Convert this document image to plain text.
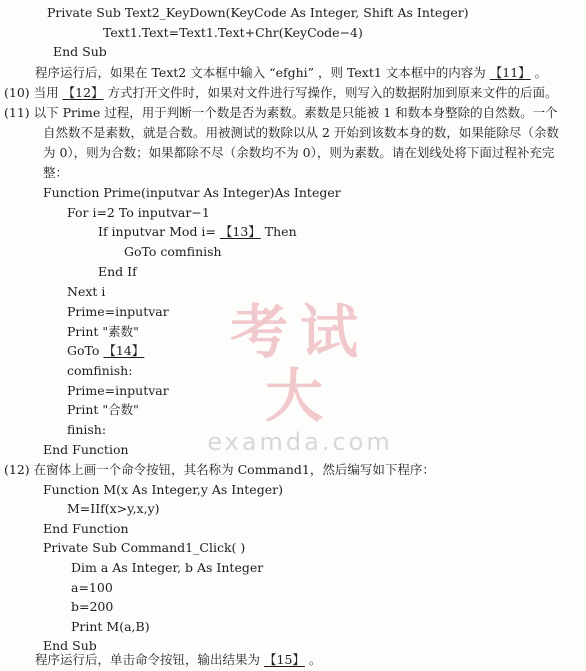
Private Sub Text2_KeyDown(KeyCode As Integer, Shift As Integer)
Text1.Text=Text1.Text+Chr(KeyCode−4)
End Sub
程序运行后，如果在 Text2 文本框中输入 “efghi” ，则 Text1 文本框中的内容为 【11】 。
(10) 当用 【12】 方式打开文件时，如果对文件进行写操作，则写入的数据附加到原来文件的后面。
(11) 以下 Prime 过程，用于判断一个数是否为素数。素数是只能被 1 和数本身整除的自然数。一个
自然数不是素数，就是合数。用被测试的数除以从 2 开始到该数本身的数，如果能除尽（余数
为 0），则为合数；如果都除不尽（余数均不为 0），则为素数。请在划线处将下面过程补充完
整：
Function Prime(inputvar As Integer)As Integer
For i=2 To inputvar−1
If inputvar Mod i= 【13】 Then
GoTo comfinish
End If
Next i
Prime=inputvar
Print "素数"
GoTo 【14】
comfinish:
Prime=inputvar
Print "合数"
finish:
End Function
(12) 在窗体上画一个命令按钮，其名称为 Command1，然后编写如下程序：
Function M(x As Integer,y As Integer)
M=IIf(x>y,x,y)
End Function
Private Sub Command1_Click( )
Dim a As Integer, b As Integer
a=100
b=200
Print M(a,B)
End Sub
程序运行后，单击命令按钮，输出结果为 【15】 。
考试大
examda.com
